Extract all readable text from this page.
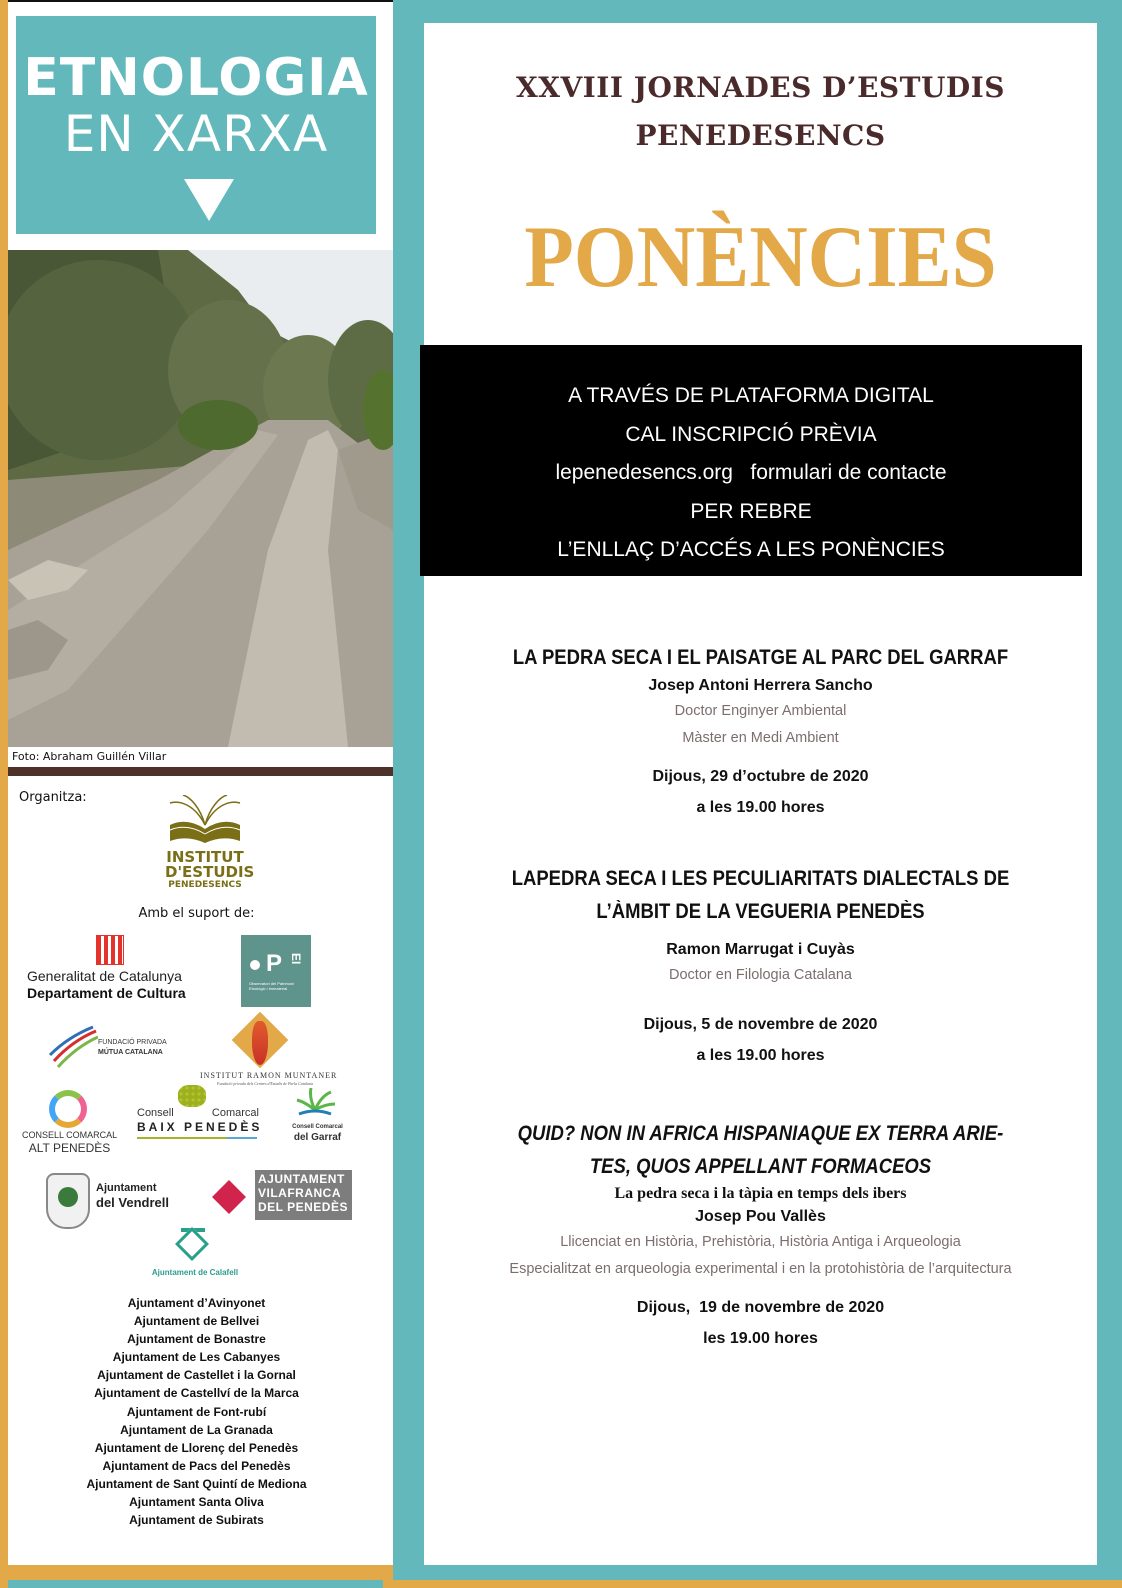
ETNOLOGIA
EN XARXA
Foto: Abraham Guillén Villar
Organitza:
INSTITUT
D'ESTUDIS
PENEDESENCS
Amb el suport de:
Generalitat de Catalunya
Departament de Cultura
P EI
Observatori del Patrimoni Etnològic i Immaterial
FUNDACIÓ PRIVADA
MÚTUA CATALANA
INSTITUT RAMON MUNTANER
Fundació privada dels Centres d'Estudis de Parla Catalana
CONSELL COMARCAL
ALT PENEDÈS
Consell	Comarcal
BAIX PENEDÈS	Consell Comarcal
del Garraf
Ajuntament
del Vendrell
AJUNTAMENT
VILAFRANCA
DEL PENEDÈS
Ajuntament de Calafell
Ajuntament d’Avinyonet
Ajuntament de Bellvei
Ajuntament de Bonastre
Ajuntament de Les Cabanyes
Ajuntament de Castellet i la Gornal
Ajuntament de Castellví de la Marca
Ajuntament de Font-rubí
Ajuntament de La Granada
Ajuntament de Llorenç del Penedès
Ajuntament de Pacs del Penedès
Ajuntament de Sant Quintí de Mediona
Ajuntament Santa Oliva
Ajuntament de Subirats
XXVIII JORNADES D’ESTUDIS
PENEDESENCS
PONÈNCIES
A TRAVÉS DE PLATAFORMA DIGITAL
CAL INSCRIPCIÓ PRÈVIA
lepenedesencs.org   formulari de contacte
PER REBRE
L’ENLLAÇ D’ACCÉS A LES PONÈNCIES
LA PEDRA SECA I EL PAISATGE AL PARC DEL GARRAF
Josep Antoni Herrera Sancho
Doctor Enginyer Ambiental
Màster en Medi Ambient
Dijous, 29 d’octubre de 2020
a les 19.00 hores
LAPEDRA SECA I LES PECULIARITATS DIALECTALS DE
L’ÀMBIT DE LA VEGUERIA PENEDÈS
Ramon Marrugat i Cuyàs
Doctor en Filologia Catalana
Dijous, 5 de novembre de 2020
a les 19.00 hores
QUID? NON IN AFRICA HISPANIAQUE EX TERRA ARIE-
TES, QUOS APPELLANT FORMACEOS
La pedra seca i la tàpia en temps dels ibers
Josep Pou Vallès
Llicenciat en Història, Prehistòria, Història Antiga i Arqueologia
Especialitzat en arqueologia experimental i en la protohistòria de l’arquitectura
Dijous,  19 de novembre de 2020
les 19.00 hores
